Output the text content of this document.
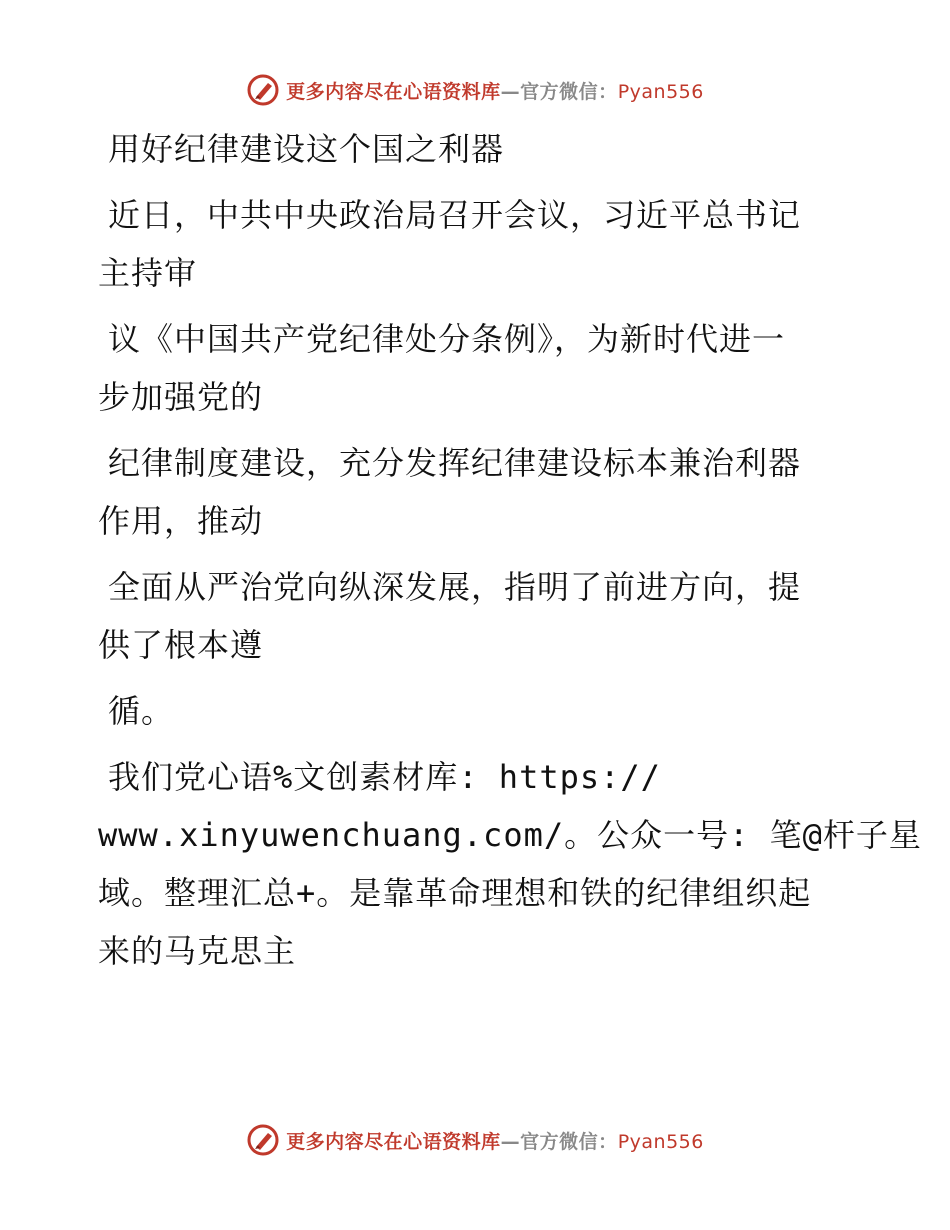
更多内容尽在心语资料库—官方微信：Pyan556
用好纪律建设这个国之利器
近日，中共中央政治局召开会议，习近平总书记
主持审
议《中国共产党纪律处分条例》，为新时代进一
步加强党的
纪律制度建设，充分发挥纪律建设标本兼治利器
作用，推动
全面从严治党向纵深发展，指明了前进方向，提
供了根本遵
循。
我们党心语%文创素材库: https://
www.xinyuwenchuang.com/。公众一号: 笔@杆子星
域。整理汇总+。是靠革命理想和铁的纪律组织起
来的马克思主
更多内容尽在心语资料库—官方微信：Pyan556
